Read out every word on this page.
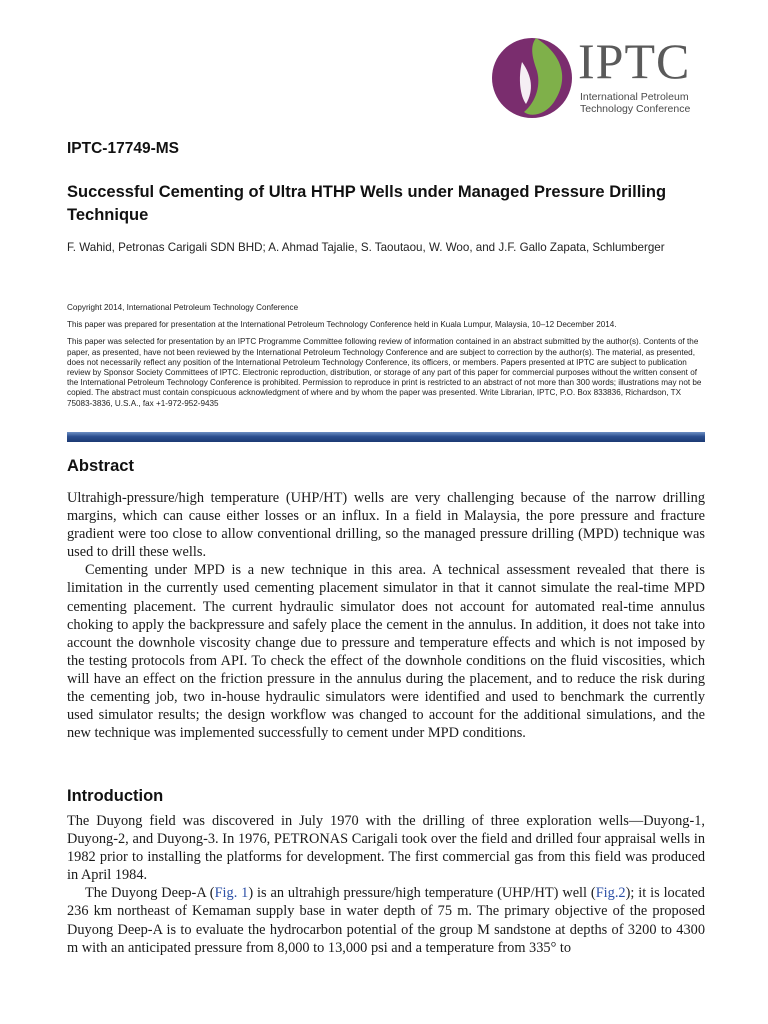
IPTC
International Petroleum
Technology Conference
IPTC-17749-MS
Successful Cementing of Ultra HTHP Wells under Managed Pressure Drilling Technique
F. Wahid, Petronas Carigali SDN BHD; A. Ahmad Tajalie, S. Taoutaou, W. Woo, and J.F. Gallo Zapata, Schlumberger

Copyright 2014, International Petroleum Technology Conference

This paper was prepared for presentation at the International Petroleum Technology Conference held in Kuala Lumpur, Malaysia, 10–12 December 2014.

This paper was selected for presentation by an IPTC Programme Committee following review of information contained in an abstract submitted by the author(s). Contents of the paper, as presented, have not been reviewed by the International Petroleum Technology Conference and are subject to correction by the author(s). The material, as presented, does not necessarily reflect any position of the International Petroleum Technology Conference, its officers, or members. Papers presented at IPTC are subject to publication review by Sponsor Society Committees of IPTC. Electronic reproduction, distribution, or storage of any part of this paper for commercial purposes without the written consent of the International Petroleum Technology Conference is prohibited. Permission to reproduce in print is restricted to an abstract of not more than 300 words; illustrations may not be copied. The abstract must contain conspicuous acknowledgment of where and by whom the paper was presented. Write Librarian, IPTC, P.O. Box 833836, Richardson, TX 75083-3836, U.S.A., fax +1-972-952-9435

Abstract

Ultrahigh-pressure/high temperature (UHP/HT) wells are very challenging because of the narrow drilling margins, which can cause either losses or an influx. In a field in Malaysia, the pore pressure and fracture gradient were too close to allow conventional drilling, so the managed pressure drilling (MPD) technique was used to drill these wells.

Cementing under MPD is a new technique in this area. A technical assessment revealed that there is limitation in the currently used cementing placement simulator in that it cannot simulate the real-time MPD cementing placement. The current hydraulic simulator does not account for automated real-time annulus choking to apply the backpressure and safely place the cement in the annulus. In addition, it does not take into account the downhole viscosity change due to pressure and temperature effects and which is not imposed by the testing protocols from API. To check the effect of the downhole conditions on the fluid viscosities, which will have an effect on the friction pressure in the annulus during the placement, and to reduce the risk during the cementing job, two in-house hydraulic simulators were identified and used to benchmark the currently used simulator results; the design workflow was changed to account for the additional simulations, and the new technique was implemented successfully to cement under MPD conditions.

Introduction

The Duyong field was discovered in July 1970 with the drilling of three exploration wells—Duyong-1, Duyong-2, and Duyong-3. In 1976, PETRONAS Carigali took over the field and drilled four appraisal wells in 1982 prior to installing the platforms for development. The first commercial gas from this field was produced in April 1984.

The Duyong Deep-A (Fig. 1) is an ultrahigh pressure/high temperature (UHP/HT) well (Fig.2); it is located 236 km northeast of Kemaman supply base in water depth of 75 m. The primary objective of the proposed Duyong Deep-A is to evaluate the hydrocarbon potential of the group M sandstone at depths of 3200 to 4300 m with an anticipated pressure from 8,000 to 13,000 psi and a temperature from 335° to
